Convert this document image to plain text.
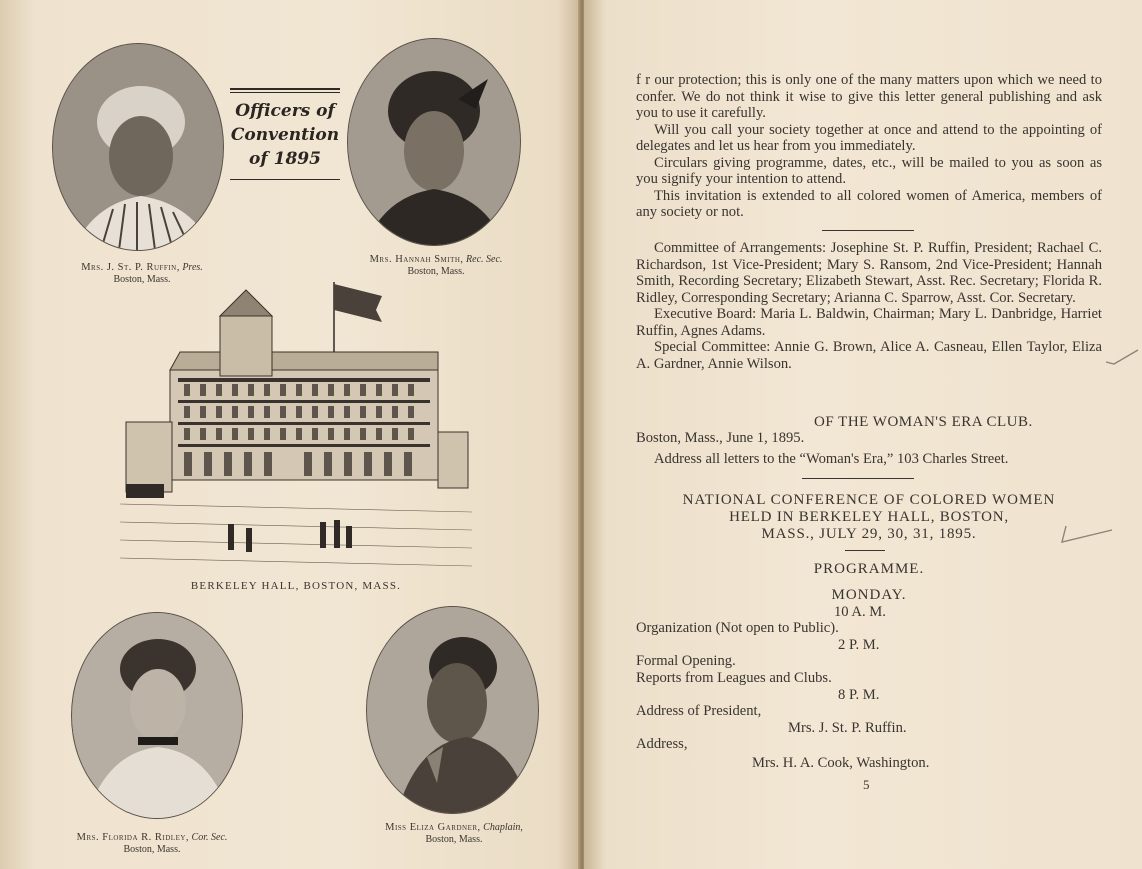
Mrs. J. St. P. Ruffin, Pres.
Boston, Mass.
Officers of
Convention
of 1895
Mrs. Hannah Smith, Rec. Sec.
Boston, Mass.
BERKELEY HALL, BOSTON, MASS.
Mrs. Florida R. Ridley, Cor. Sec.
Boston, Mass.
Miss Eliza Gardner, Chaplain,
Boston, Mass.

f r our protection; this is only one of the many matters upon which we need to confer. We do not think it wise to give this letter general publishing and ask you to use it carefully.

Will you call your society together at once and attend to the appointing of delegates and let us hear from you immediately.

Circulars giving programme, dates, etc., will be mailed to you as soon as you signify your intention to attend.

This invitation is extended to all colored women of America, members of any society or not.

Committee of Arrangements: Josephine St. P. Ruffin, President; Rachael C. Richardson, 1st Vice-President; Mary S. Ransom, 2nd Vice-President; Hannah Smith, Recording Secretary; Elizabeth Stewart, Asst. Rec. Secretary; Florida R. Ridley, Corresponding Secretary; Arianna C. Sparrow, Asst. Cor. Secretary.

Executive Board: Maria L. Baldwin, Chairman; Mary L. Danbridge, Harriet Ruffin, Agnes Adams.

Special Committee: Annie G. Brown, Alice A. Casneau, Ellen Taylor, Eliza A. Gardner, Annie Wilson.

OF THE WOMAN'S ERA CLUB.
Boston, Mass., June 1, 1895.
Address all letters to the “Woman's Era,” 103 Charles Street.
NATIONAL CONFERENCE OF COLORED WOMEN
HELD IN BERKELEY HALL, BOSTON,
MASS., JULY 29, 30, 31, 1895.
PROGRAMME.
MONDAY.
10 A. M.
Organization (Not open to Public).
2 P. M.
Formal Opening.
Reports from Leagues and Clubs.
8 P. M.
Address of President,
Mrs. J. St. P. Ruffin.
Address,
Mrs. H. A. Cook, Washington.
5
